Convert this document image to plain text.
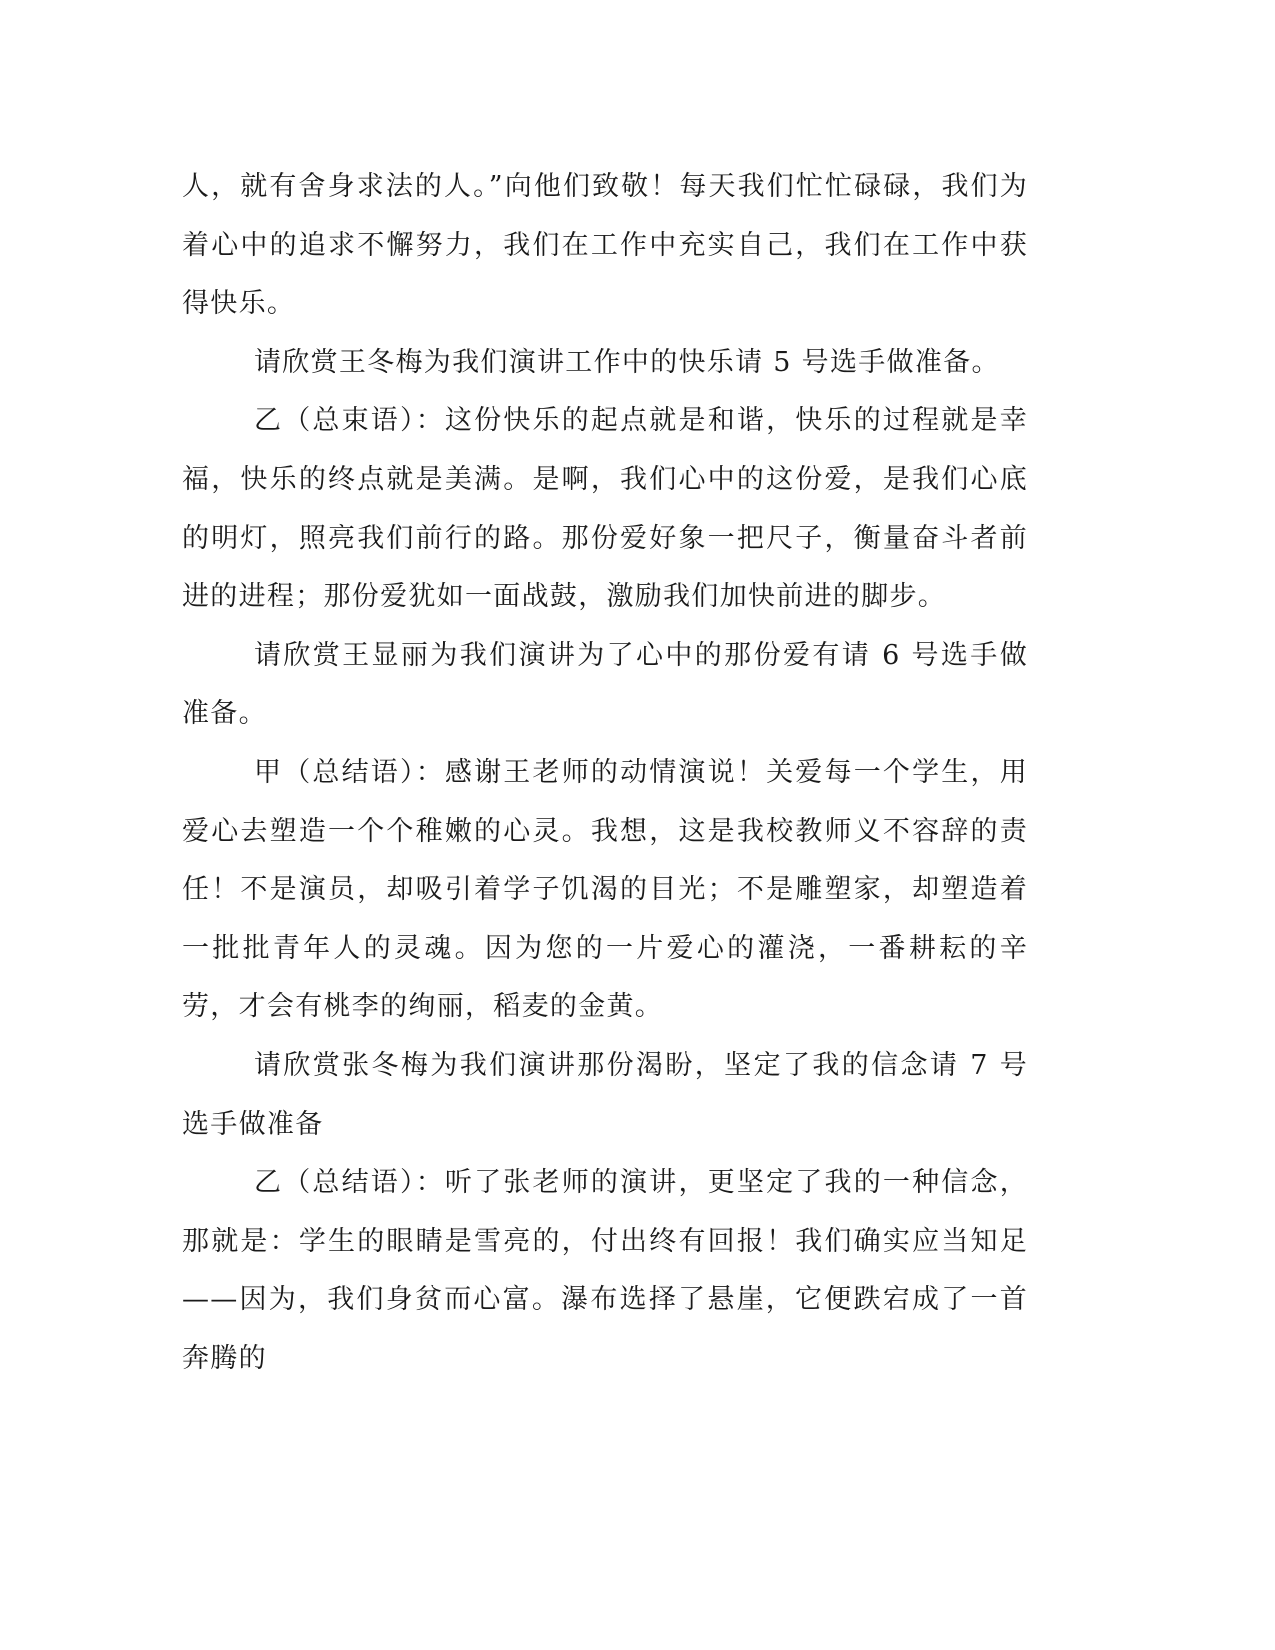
人，就有舍身求法的人。”向他们致敬！每天我们忙忙碌碌，我们为着心中的追求不懈努力，我们在工作中充实自己，我们在工作中获得快乐。

请欣赏王冬梅为我们演讲工作中的快乐请 5 号选手做准备。

乙（总束语）：这份快乐的起点就是和谐，快乐的过程就是幸福，快乐的终点就是美满。是啊，我们心中的这份爱，是我们心底的明灯，照亮我们前行的路。那份爱好象一把尺子，衡量奋斗者前进的进程；那份爱犹如一面战鼓，激励我们加快前进的脚步。

请欣赏王显丽为我们演讲为了心中的那份爱有请 6 号选手做准备。

甲（总结语）：感谢王老师的动情演说！关爱每一个学生，用爱心去塑造一个个稚嫩的心灵。我想，这是我校教师义不容辞的责任！不是演员，却吸引着学子饥渴的目光；不是雕塑家，却塑造着一批批青年人的灵魂。因为您的一片爱心的灌浇，一番耕耘的辛劳，才会有桃李的绚丽，稻麦的金黄。

请欣赏张冬梅为我们演讲那份渴盼，坚定了我的信念请 7 号选手做准备

乙（总结语）：听了张老师的演讲，更坚定了我的一种信念，那就是：学生的眼睛是雪亮的，付出终有回报！我们确实应当知足——因为，我们身贫而心富。瀑布选择了悬崖，它便跌宕成了一首奔腾的
